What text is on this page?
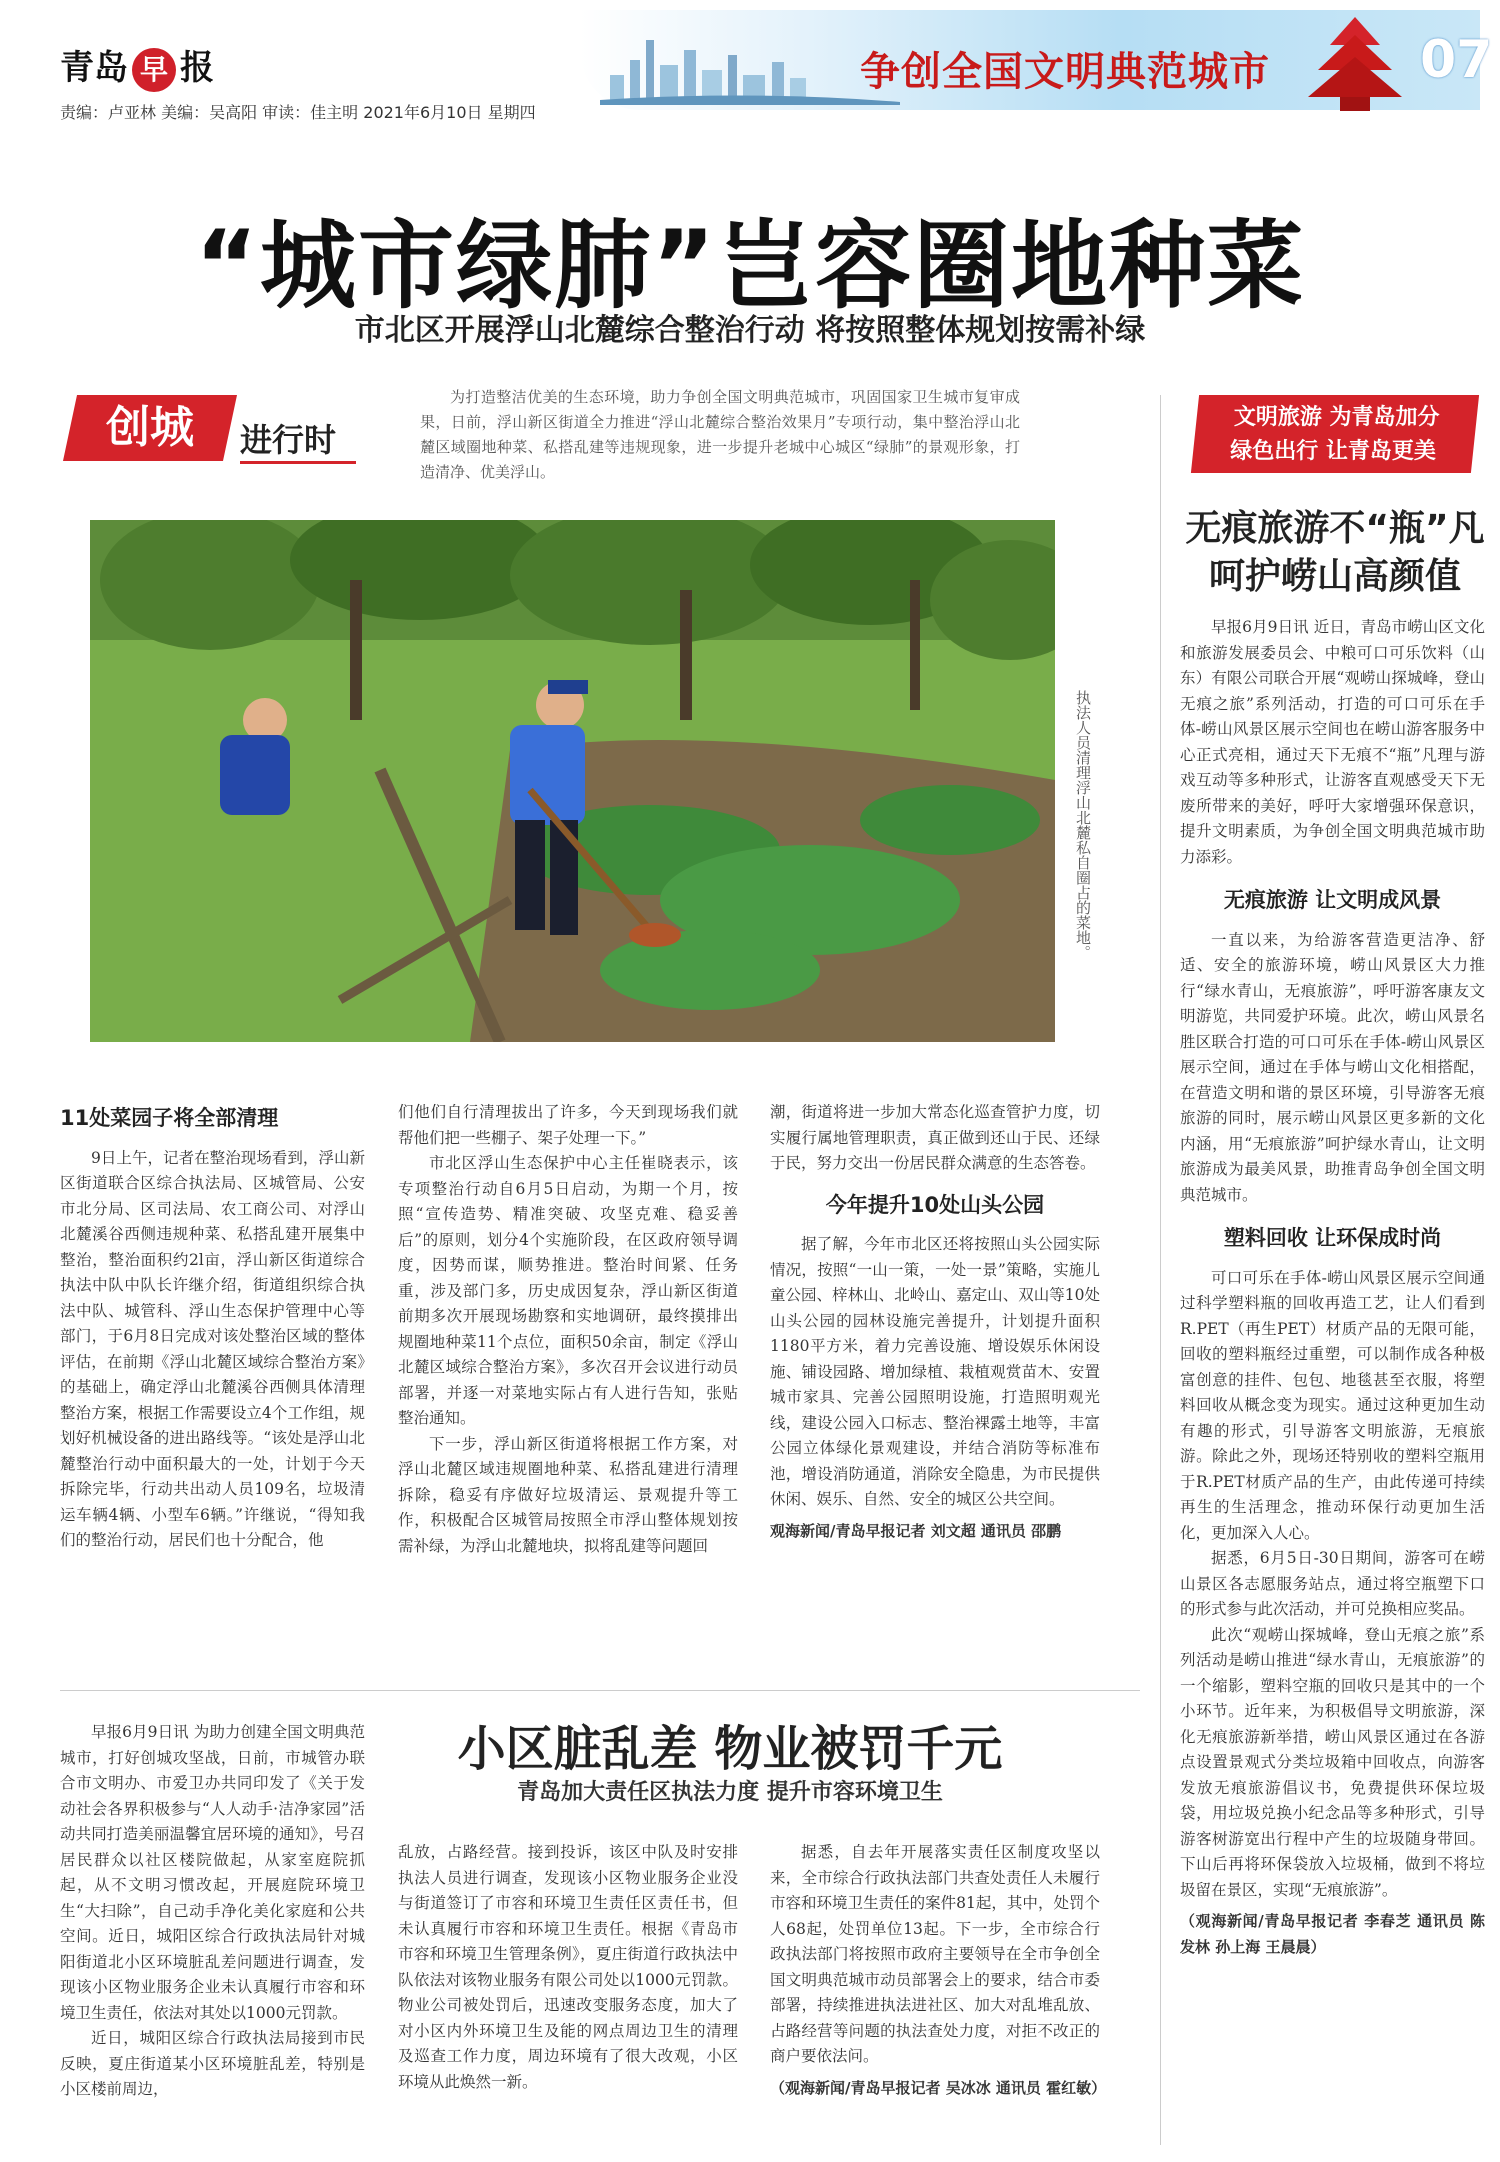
青岛 早 报
责编：卢亚林 美编：吴高阳 审读：佳主明 2021年6月10日 星期四
争创全国文明典范城市	07
“城市绿肺”岂容圈地种菜
市北区开展浮山北麓综合整治行动 将按照整体规划按需补绿
创城	进行时
为打造整洁优美的生态环境，助力争创全国文明典范城市，巩固国家卫生城市复审成果，日前，浮山新区街道全力推进“浮山北麓综合整治效果月”专项行动，集中整治浮山北麓区域圈地种菜、私搭乱建等违规现象，进一步提升老城中心城区“绿肺”的景观形象，打造清净、优美浮山。
执法人员清理浮山北麓私自圈占的菜地。

11处菜园子将全部清理

9日上午，记者在整治现场看到，浮山新区街道联合区综合执法局、区城管局、公安市北分局、区司法局、农工商公司、对浮山北麓溪谷西侧违规种菜、私搭乱建开展集中整治，整治面积约2l亩，浮山新区街道综合执法中队中队长许继介绍，街道组织综合执法中队、城管科、浮山生态保护管理中心等部门，于6月8日完成对该处整治区域的整体评估，在前期《浮山北麓区域综合整治方案》的基础上，确定浮山北麓溪谷西侧具体清理整治方案，根据工作需要设立4个工作组，规划好机械设备的进出路线等。“该处是浮山北麓整治行动中面积最大的一处，计划于今天拆除完毕，行动共出动人员109名，垃圾清运车辆4辆、小型车6辆。”许继说，“得知我们的整治行动，居民们也十分配合，他

们他们自行清理拔出了许多，今天到现场我们就帮他们把一些棚子、架子处理一下。”

市北区浮山生态保护中心主任崔晓表示，该专项整治行动自6月5日启动，为期一个月，按照“宣传造势、精准突破、攻坚克难、稳妥善后”的原则，划分4个实施阶段，在区政府领导调度，因势而谋，顺势推进。整治时间紧、任务重，涉及部门多，历史成因复杂，浮山新区街道前期多次开展现场勘察和实地调研，最终摸排出规圈地种菜11个点位，面积50余亩，制定《浮山北麓区域综合整治方案》，多次召开会议进行动员部署，并逐一对菜地实际占有人进行告知，张贴整治通知。

下一步，浮山新区街道将根据工作方案，对浮山北麓区域违规圈地种菜、私搭乱建进行清理拆除，稳妥有序做好垃圾清运、景观提升等工作，积极配合区城管局按照全市浮山整体规划按需补绿，为浮山北麓地块，拟将乱建等问题回

潮，街道将进一步加大常态化巡查管护力度，切实履行属地管理职责，真正做到还山于民、还绿于民，努力交出一份居民群众满意的生态答卷。

今年提升10处山头公园

据了解，今年市北区还将按照山头公园实际情况，按照“一山一策，一处一景”策略，实施儿童公园、梓林山、北岭山、嘉定山、双山等10处山头公园的园林设施完善提升，计划提升面积1180平方米，着力完善设施、增设娱乐休闲设施、铺设园路、增加绿植、栽植观赏苗木、安置城市家具、完善公园照明设施，打造照明观光线，建设公园入口标志、整治裸露土地等，丰富公园立体绿化景观建设，并结合消防等标准布池，增设消防通道，消除安全隐患，为市民提供休闲、娱乐、自然、安全的城区公共空间。

观海新闻/青岛早报记者 刘文超 通讯员 邵鹏

小区脏乱差 物业被罚千元
青岛加大责任区执法力度 提升市容环境卫生

早报6月9日讯 为助力创建全国文明典范城市，打好创城攻坚战，日前，市城管办联合市文明办、市爱卫办共同印发了《关于发动社会各界积极参与“人人动手·洁净家园”活动共同打造美丽温馨宜居环境的通知》，号召居民群众以社区楼院做起，从家室庭院抓起，从不文明习惯改起，开展庭院环境卫生“大扫除”，自己动手净化美化家庭和公共空间。近日，城阳区综合行政执法局针对城阳街道北小区环境脏乱差问题进行调查，发现该小区物业服务企业未认真履行市容和环境卫生责任，依法对其处以1000元罚款。

近日，城阳区综合行政执法局接到市民反映，夏庄街道某小区环境脏乱差，特别是小区楼前周边，

乱放，占路经营。接到投诉，该区中队及时安排执法人员进行调查，发现该小区物业服务企业没与街道签订了市容和环境卫生责任区责任书，但未认真履行市容和环境卫生责任。根据《青岛市市容和环境卫生管理条例》，夏庄街道行政执法中队依法对该物业服务有限公司处以1000元罚款。物业公司被处罚后，迅速改变服务态度，加大了对小区内外环境卫生及能的网点周边卫生的清理及巡查工作力度，周边环境有了很大改观，小区环境从此焕然一新。

据悉，自去年开展落实责任区制度攻坚以来，全市综合行政执法部门共查处责任人未履行市容和环境卫生责任的案件81起，其中，处罚个人68起，处罚单位13起。下一步，全市综合行政执法部门将按照市政府主要领导在全市争创全国文明典范城市动员部署会上的要求，结合市委部署，持续推进执法进社区、加大对乱堆乱放、占路经营等问题的执法查处力度，对拒不改正的商户要依法问。

（观海新闻/青岛早报记者 吴冰冰 通讯员 霍红敏）

文明旅游 为青岛加分
绿色出行 让青岛更美
无痕旅游不“瓶”凡
呵护崂山高颜值

早报6月9日讯 近日，青岛市崂山区文化和旅游发展委员会、中粮可口可乐饮料（山东）有限公司联合开展“观崂山探城峰，登山无痕之旅”系列活动，打造的可口可乐在手体-崂山风景区展示空间也在崂山游客服务中心正式亮相，通过天下无痕不“瓶”凡理与游戏互动等多种形式，让游客直观感受天下无废所带来的美好，呼吁大家增强环保意识，提升文明素质，为争创全国文明典范城市助力添彩。

无痕旅游 让文明成风景

一直以来，为给游客营造更洁净、舒适、安全的旅游环境，崂山风景区大力推行“绿水青山，无痕旅游”，呼吁游客康友文明游览，共同爱护环境。此次，崂山风景名胜区联合打造的可口可乐在手体-崂山风景区展示空间，通过在手体与崂山文化相搭配，在营造文明和谐的景区环境，引导游客无痕旅游的同时，展示崂山风景区更多新的文化内涵，用“无痕旅游”呵护绿水青山，让文明旅游成为最美风景，助推青岛争创全国文明典范城市。

塑料回收 让环保成时尚

可口可乐在手体-崂山风景区展示空间通过科学塑料瓶的回收再造工艺，让人们看到R.PET（再生PET）材质产品的无限可能，回收的塑料瓶经过重塑，可以制作成各种极富创意的挂件、包包、地毯甚至衣服，将塑料回收从概念变为现实。通过这种更加生动有趣的形式，引导游客文明旅游，无痕旅游。除此之外，现场还特别收的塑料空瓶用于R.PET材质产品的生产，由此传递可持续再生的生活理念，推动环保行动更加生活化，更加深入人心。

据悉，6月5日-30日期间，游客可在崂山景区各志愿服务站点，通过将空瓶塑下口的形式参与此次活动，并可兑换相应奖品。

此次“观崂山探城峰，登山无痕之旅”系列活动是崂山推进“绿水青山，无痕旅游”的一个缩影，塑料空瓶的回收只是其中的一个小环节。近年来，为积极倡导文明旅游，深化无痕旅游新举措，崂山风景区通过在各游点设置景观式分类垃圾箱中回收点，向游客发放无痕旅游倡议书，免费提供环保垃圾袋，用垃圾兑换小纪念品等多种形式，引导游客树游宽出行程中产生的垃圾随身带回。下山后再将环保袋放入垃圾桶，做到不将垃圾留在景区，实现“无痕旅游”。

（观海新闻/青岛早报记者 李春芝 通讯员 陈发林 孙上海 王晨晨）
